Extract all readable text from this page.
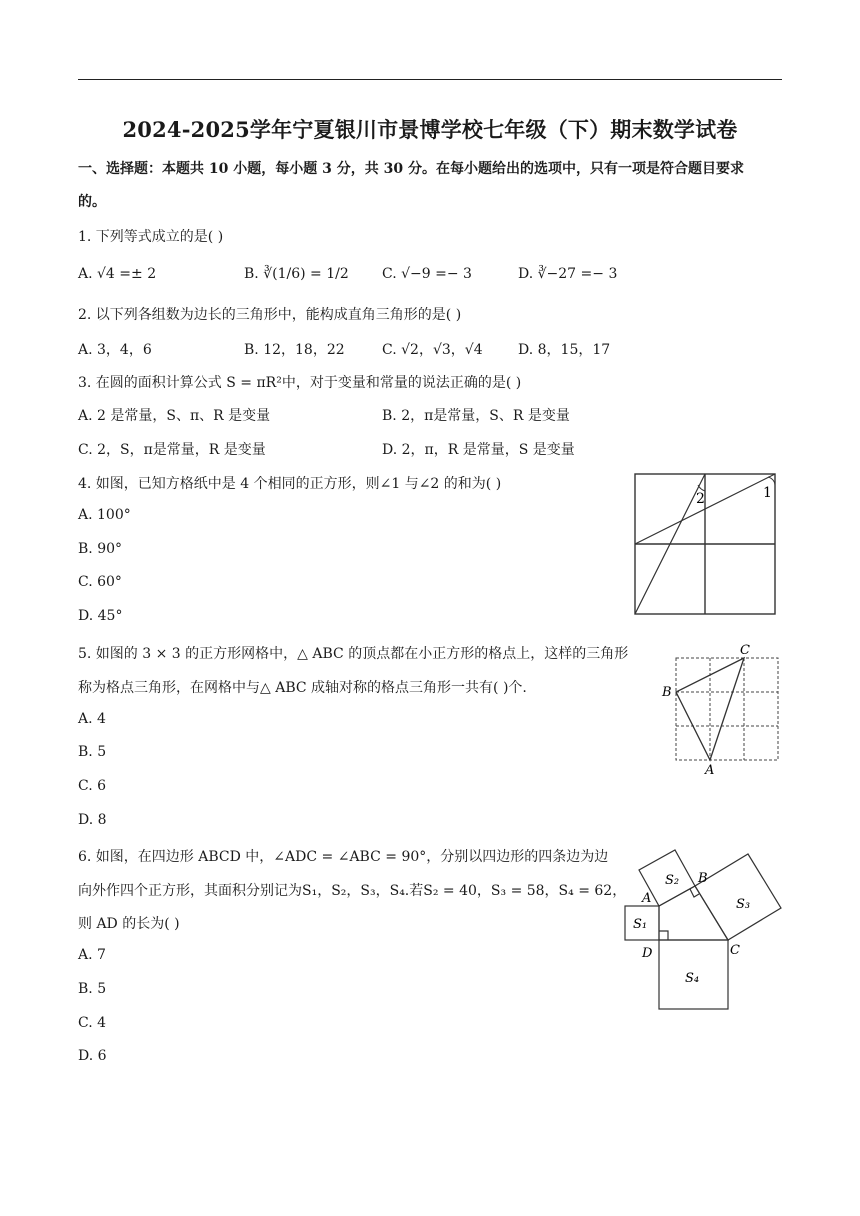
2024-2025学年宁夏银川市景博学校七年级（下）期末数学试卷
一、选择题：本题共 10 小题，每小题 3 分，共 30 分。在每小题给出的选项中，只有一项是符合题目要求
的。
1. 下列等式成立的是( )
A. √4 =± 2	B. ∛(1/6) = 1/2 C. √−9 =− 3	D. ∛−27 =− 3
2. 以下列各组数为边长的三角形中，能构成直角三角形的是( )
A. 3，4，6	B. 12，18，22	C. √2，√3，√4	D. 8，15，17
3. 在圆的面积计算公式 S = πR²中，对于变量和常量的说法正确的是( )
A. 2 是常量，S、π、R 是变量	B. 2，π是常量，S、R 是变量
C. 2，S，π是常量，R 是变量	D. 2，π，R 是常量，S 是变量
4. 如图，已知方格纸中是 4 个相同的正方形，则∠1 与∠2 的和为( )
A. 100°
B. 90°
C. 60°
D. 45°
1
2
5. 如图的 3 × 3 的正方形网格中，△ ABC 的顶点都在小正方形的格点上，这样的三角形
称为格点三角形，在网格中与△ ABC 成轴对称的格点三角形一共有( )个.
A. 4
B. 5
C. 6
D. 8
C
B
A
6. 如图，在四边形 ABCD 中，∠ADC = ∠ABC = 90°，分别以四边形的四条边为边
向外作四个正方形，其面积分别记为S₁，S₂，S₃，S₄.若S₂ = 40，S₃ = 58，S₄ = 62，
则 AD 的长为( )
A. 7
B. 5
C. 4
D. 6
A
B
C
D
S₁
S₂
S₃
S₄
